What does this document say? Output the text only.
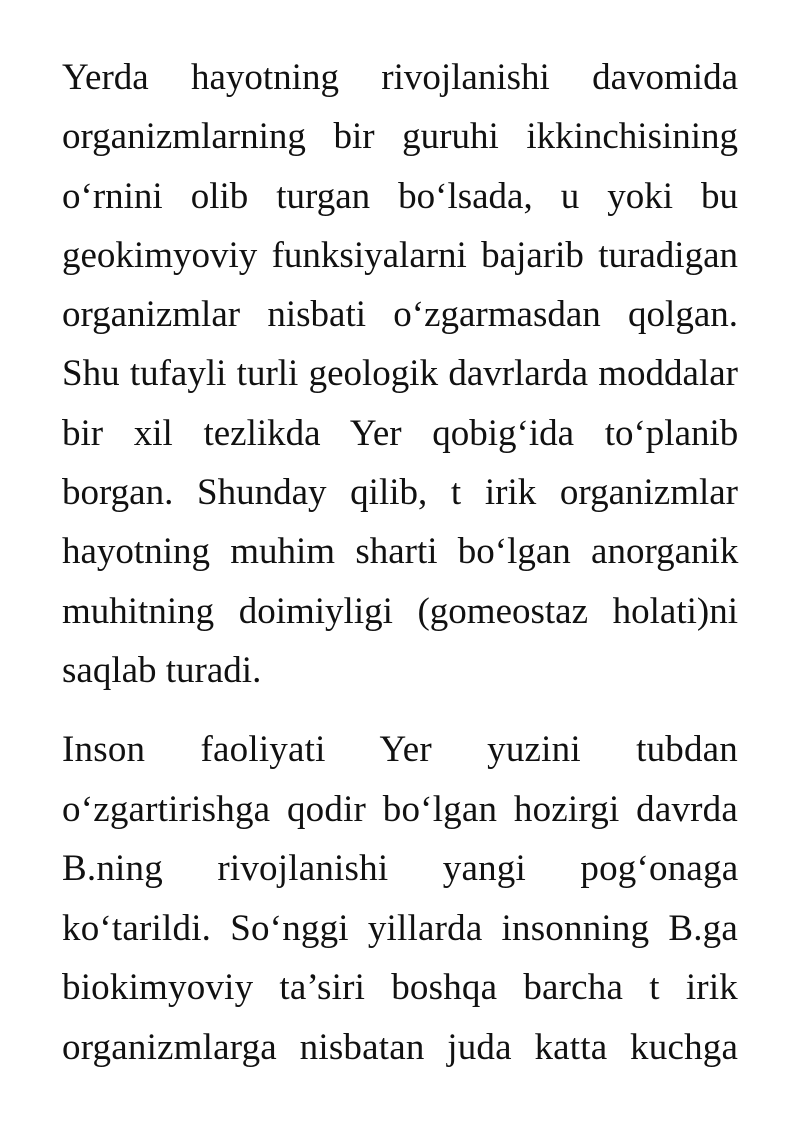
Yerda hayotning rivojlanishi davomida
organizmlarning bir guruhi ikkinchisining
oʻrnini olib turgan boʻlsada, u yoki bu
geokimyoviy funksiyalarni bajarib turadigan
organizmlar nisbati oʻzgarmasdan qolgan.
Shu tufayli turli geologik davrlarda moddalar
bir xil tezlikda Yer qobigʻida toʻplanib
borgan. Shunday qilib, t irik organizmlar
hayotning muhim sharti boʻlgan anorganik
muhitning doimiyligi (gomeostaz holati)ni
saqlab turadi.

Inson faoliyati Yer yuzini tubdan
oʻzgartirishga qodir boʻlgan hozirgi davrda
B.ning rivojlanishi yangi pogʻonaga
koʻtarildi. Soʻnggi yillarda insonning B.ga
biokimyoviy ta’siri boshqa barcha t irik
organizmlarga nisbatan juda katta kuchga
